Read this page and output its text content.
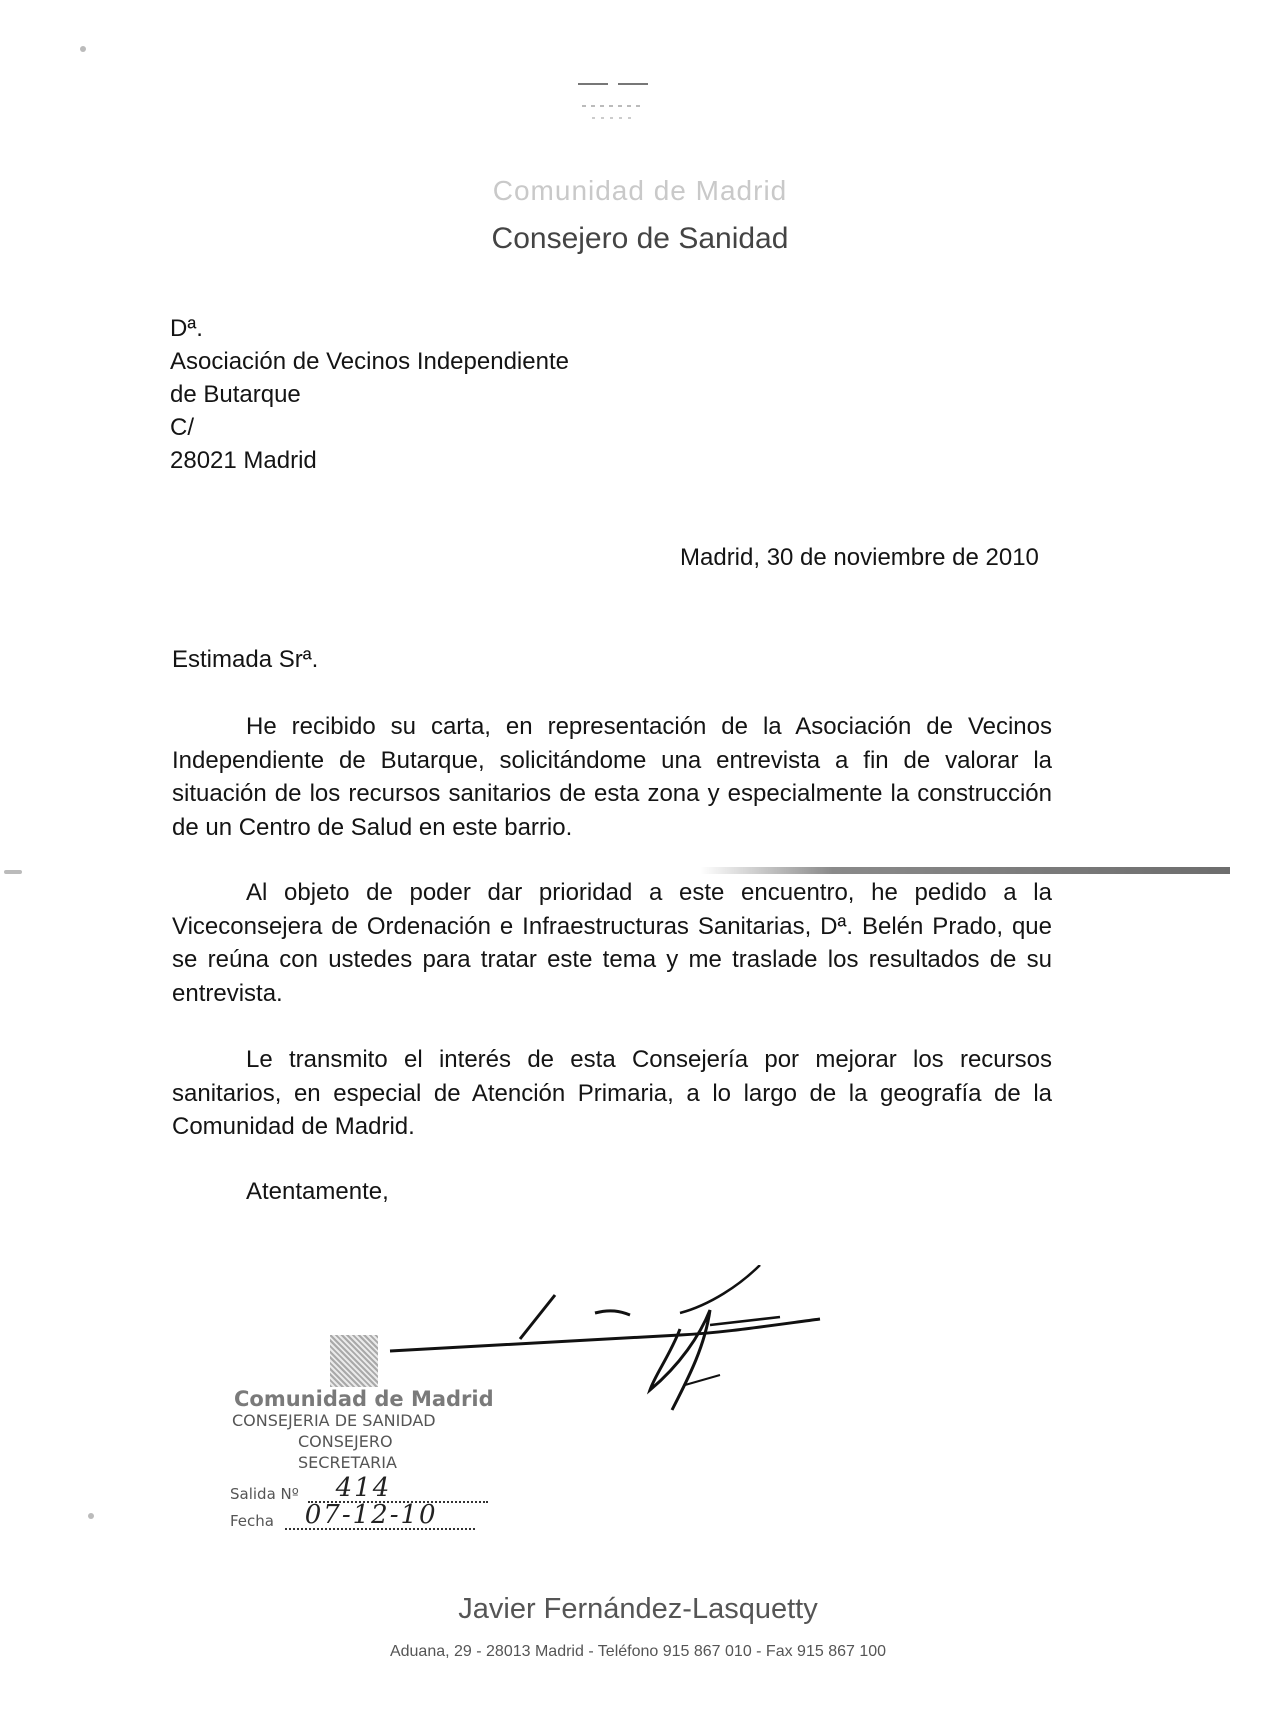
Comunidad de Madrid
Consejero de Sanidad
Dª.
Asociación de Vecinos Independiente
de Butarque
C/
28021 Madrid
Madrid, 30 de noviembre de 2010
Estimada Srª.
He recibido su carta, en representación de la Asociación de Vecinos Independiente de Butarque, solicitándome una entrevista a fin de valorar la situación de los recursos sanitarios de esta zona y especialmente la construcción de un Centro de Salud en este barrio.
Al objeto de poder dar prioridad a este encuentro, he pedido a la Viceconsejera de Ordenación e Infraestructuras Sanitarias, Dª. Belén Prado, que se reúna con ustedes para tratar este tema y me traslade los resultados de su entrevista.
Le transmito el interés de esta Consejería por mejorar los recursos sanitarios, en especial de Atención Primaria, a lo largo de la geografía de la Comunidad de Madrid.
Atentamente,
Comunidad de Madrid
CONSEJERIA DE SANIDAD
CONSEJERO
SECRETARIA
Salida Nº 414
Fecha 07-12-10
Javier Fernández-Lasquetty
Aduana, 29 - 28013 Madrid - Teléfono 915 867 010 - Fax 915 867 100
